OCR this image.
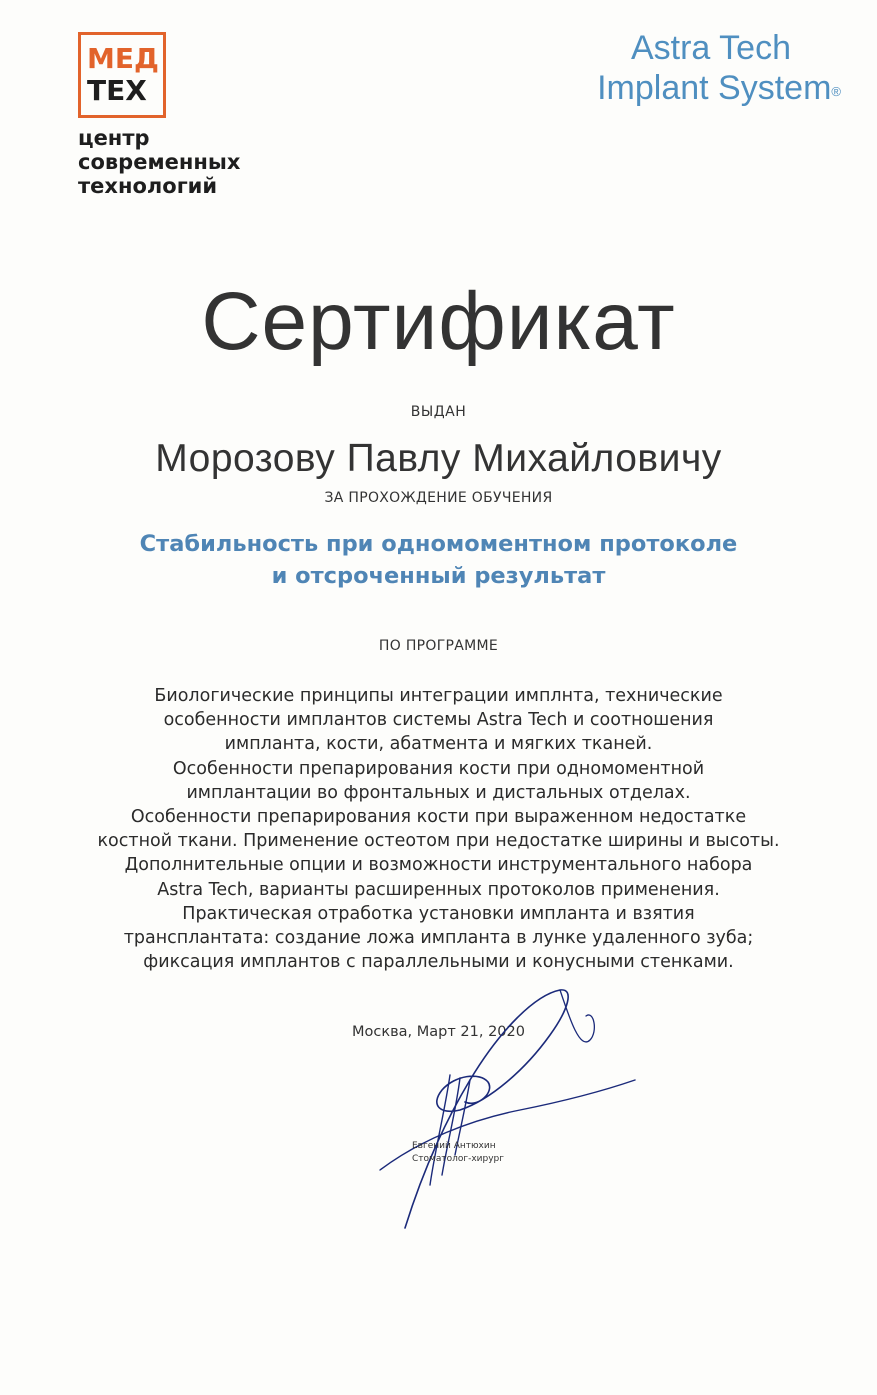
МЕД
ТЕХ
центр
современных
технологий
Astra Tech
Implant System®
Сертификат
ВЫДАН
Морозову Павлу Михайловичу
ЗА ПРОХОЖДЕНИЕ ОБУЧЕНИЯ
Стабильность при одномоментном протоколе
и отсроченный результат
ПО ПРОГРАММЕ
Биологические принципы интеграции имплнта, технические
особенности имплантов системы Astra Tech и соотношения
импланта, кости, абатмента и мягких тканей.
Особенности препарирования кости при одномоментной
имплантации во фронтальных и дистальных отделах.
Особенности препарирования кости при выраженном недостатке
костной ткани. Применение остеотом при недостатке ширины и высоты.
Дополнительные опции и возможности инструментального набора
Astra Tech, варианты расширенных протоколов применения.
Практическая отработка установки импланта и взятия
трансплантата: создание ложа импланта в лунке удаленного зуба;
фиксация имплантов с параллельными и конусными стенками.
Москва, Март 21, 2020
Евгений Антюхин
Стоматолог-хирург
